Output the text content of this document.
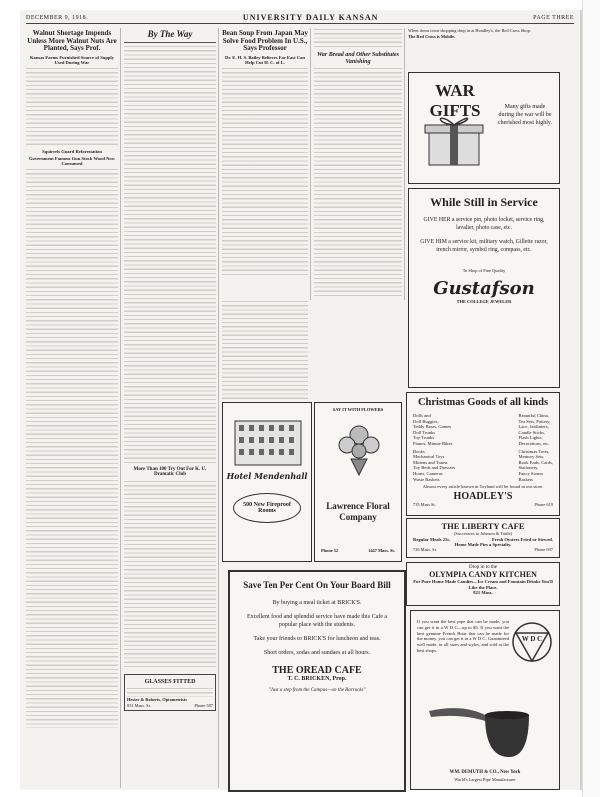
DECEMBER 9, 1918.	UNIVERSITY DAILY KANSAN	PAGE THREE
Walnut Shortage Impends Unless More Walnut Nuts Are Planted, Says Prof.
Kansas Farms Furnished Source of Supply Used During War
Squirrels Guard Reforestation
Government Famous Gun Stock Wood Now Consumed
By The Way
More Than 100 Try Out For K. U. Dramatic Club
GLASSES FITTED
Hester & Roberts, Optometrists
831 Mass. St.	Phone 587
Bean Soup From Japan May Solve Food Problem In U.S., Says Professor
Dr. E. H. S. Bailey Believes Far East Can Help Cut H. C. of L.
War Bread and Other Substitutes Vanishing
When down town shopping drop in at Hoadley's, the Red Cross Shop.
The Red Cross is Mobile.
WAR GIFTS	Many gifts made during the war will be cherished most highly.
While Still in Service
GIVE HER a service pin, photo locket, service ring, lavalier, photo case, etc.
GIVE HIM a service kit, military watch, Gillette razor, trench mirror, symbol ring, compass, etc.
To Shop of Fine Quality
Gustafson
THE COLLEGE JEWELER
Hotel Mendenhall
500 New Fireproof Rooms
SAY IT WITH FLOWERS
Lawrence Floral Company
Phone 52	1447 Mass. St.
Christmas Goods of all kinds
Dolls and
Doll Buggies,
Teddy Bears, Games
Doll Trunks
Toy Trunks
Pianos, Minute Bikes
Books
Mechanical Toys
Mittens and Trains
Toy Beds and Dressers
Horns, Cameras
Waste Baskets
Beautiful China,
Tea Sets, Pottery,
Lace, Jardiniers,
Candle Sticks,
Flash Lights,
Decorations, etc.
Christmas Trees,
Memory Sets,
Book Ends, Cards,
Stationery,
Fancy Stones
Baskets
Almost every article known in Toyland will be found in our store.
HOADLEY'S
735 Mass St.	Phone 619
THE LIBERTY CAFE
(Successors to Johnson & Tuttle)
Regular Meals 25c.	Fresh Oysters Fried or Stewed.
Home Made Pies a Specialty.
726 Mass. St.	Phone 697
Drop in to the
OLYMPIA CANDY KITCHEN
For Pure Home Made Candies—Ice Cream and Fountain Drinks You'll Like the Place.
821 Mass.
Save Ten Per Cent On Your Board Bill
By buying a meal ticket at BRICK'S.
Excellent food and splendid service have made this Cafe a popular place with the students.
Take your friends to BRICK'S for luncheon and teas.
Short orders, sodas and sundaes at all hours.
THE OREAD CAFE
T. C. BRICKEN, Prop.
"Just a step from the Campus—on the Barracks"
W D C
If you want the best pipe that can be made, you can get it in a W D C—up to $5. If you want the best genuine French Briar that can be made for the money, you can get it in a W D C. Guaranteed well made, in all sizes and styles, and sold at the best shops.
WM. DEMUTH & CO., New York
World's Largest Pipe Manufacturer
